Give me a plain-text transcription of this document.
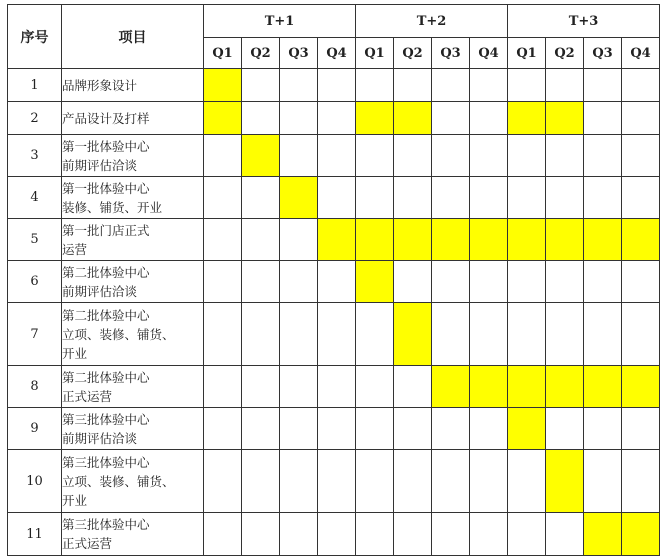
序号	项目	T+1				T+2				T+3			
		Q1	Q2	Q3	Q4	Q1	Q2	Q3	Q4	Q1	Q2	Q3	Q4
1	品牌形象设计												

2	产品设计及打样												

3	第一批体验中心
前期评估洽谈												

4	第一批体验中心
装修、铺货、开业												

5	第一批门店正式
运营												

6	第二批体验中心
前期评估洽谈												

7	第二批体验中心
立项、装修、铺货、
开业												

8	第二批体验中心
正式运营												

9	第三批体验中心
前期评估洽谈												

10	第三批体验中心
立项、装修、铺货、
开业												

11	第三批体验中心
正式运营												
